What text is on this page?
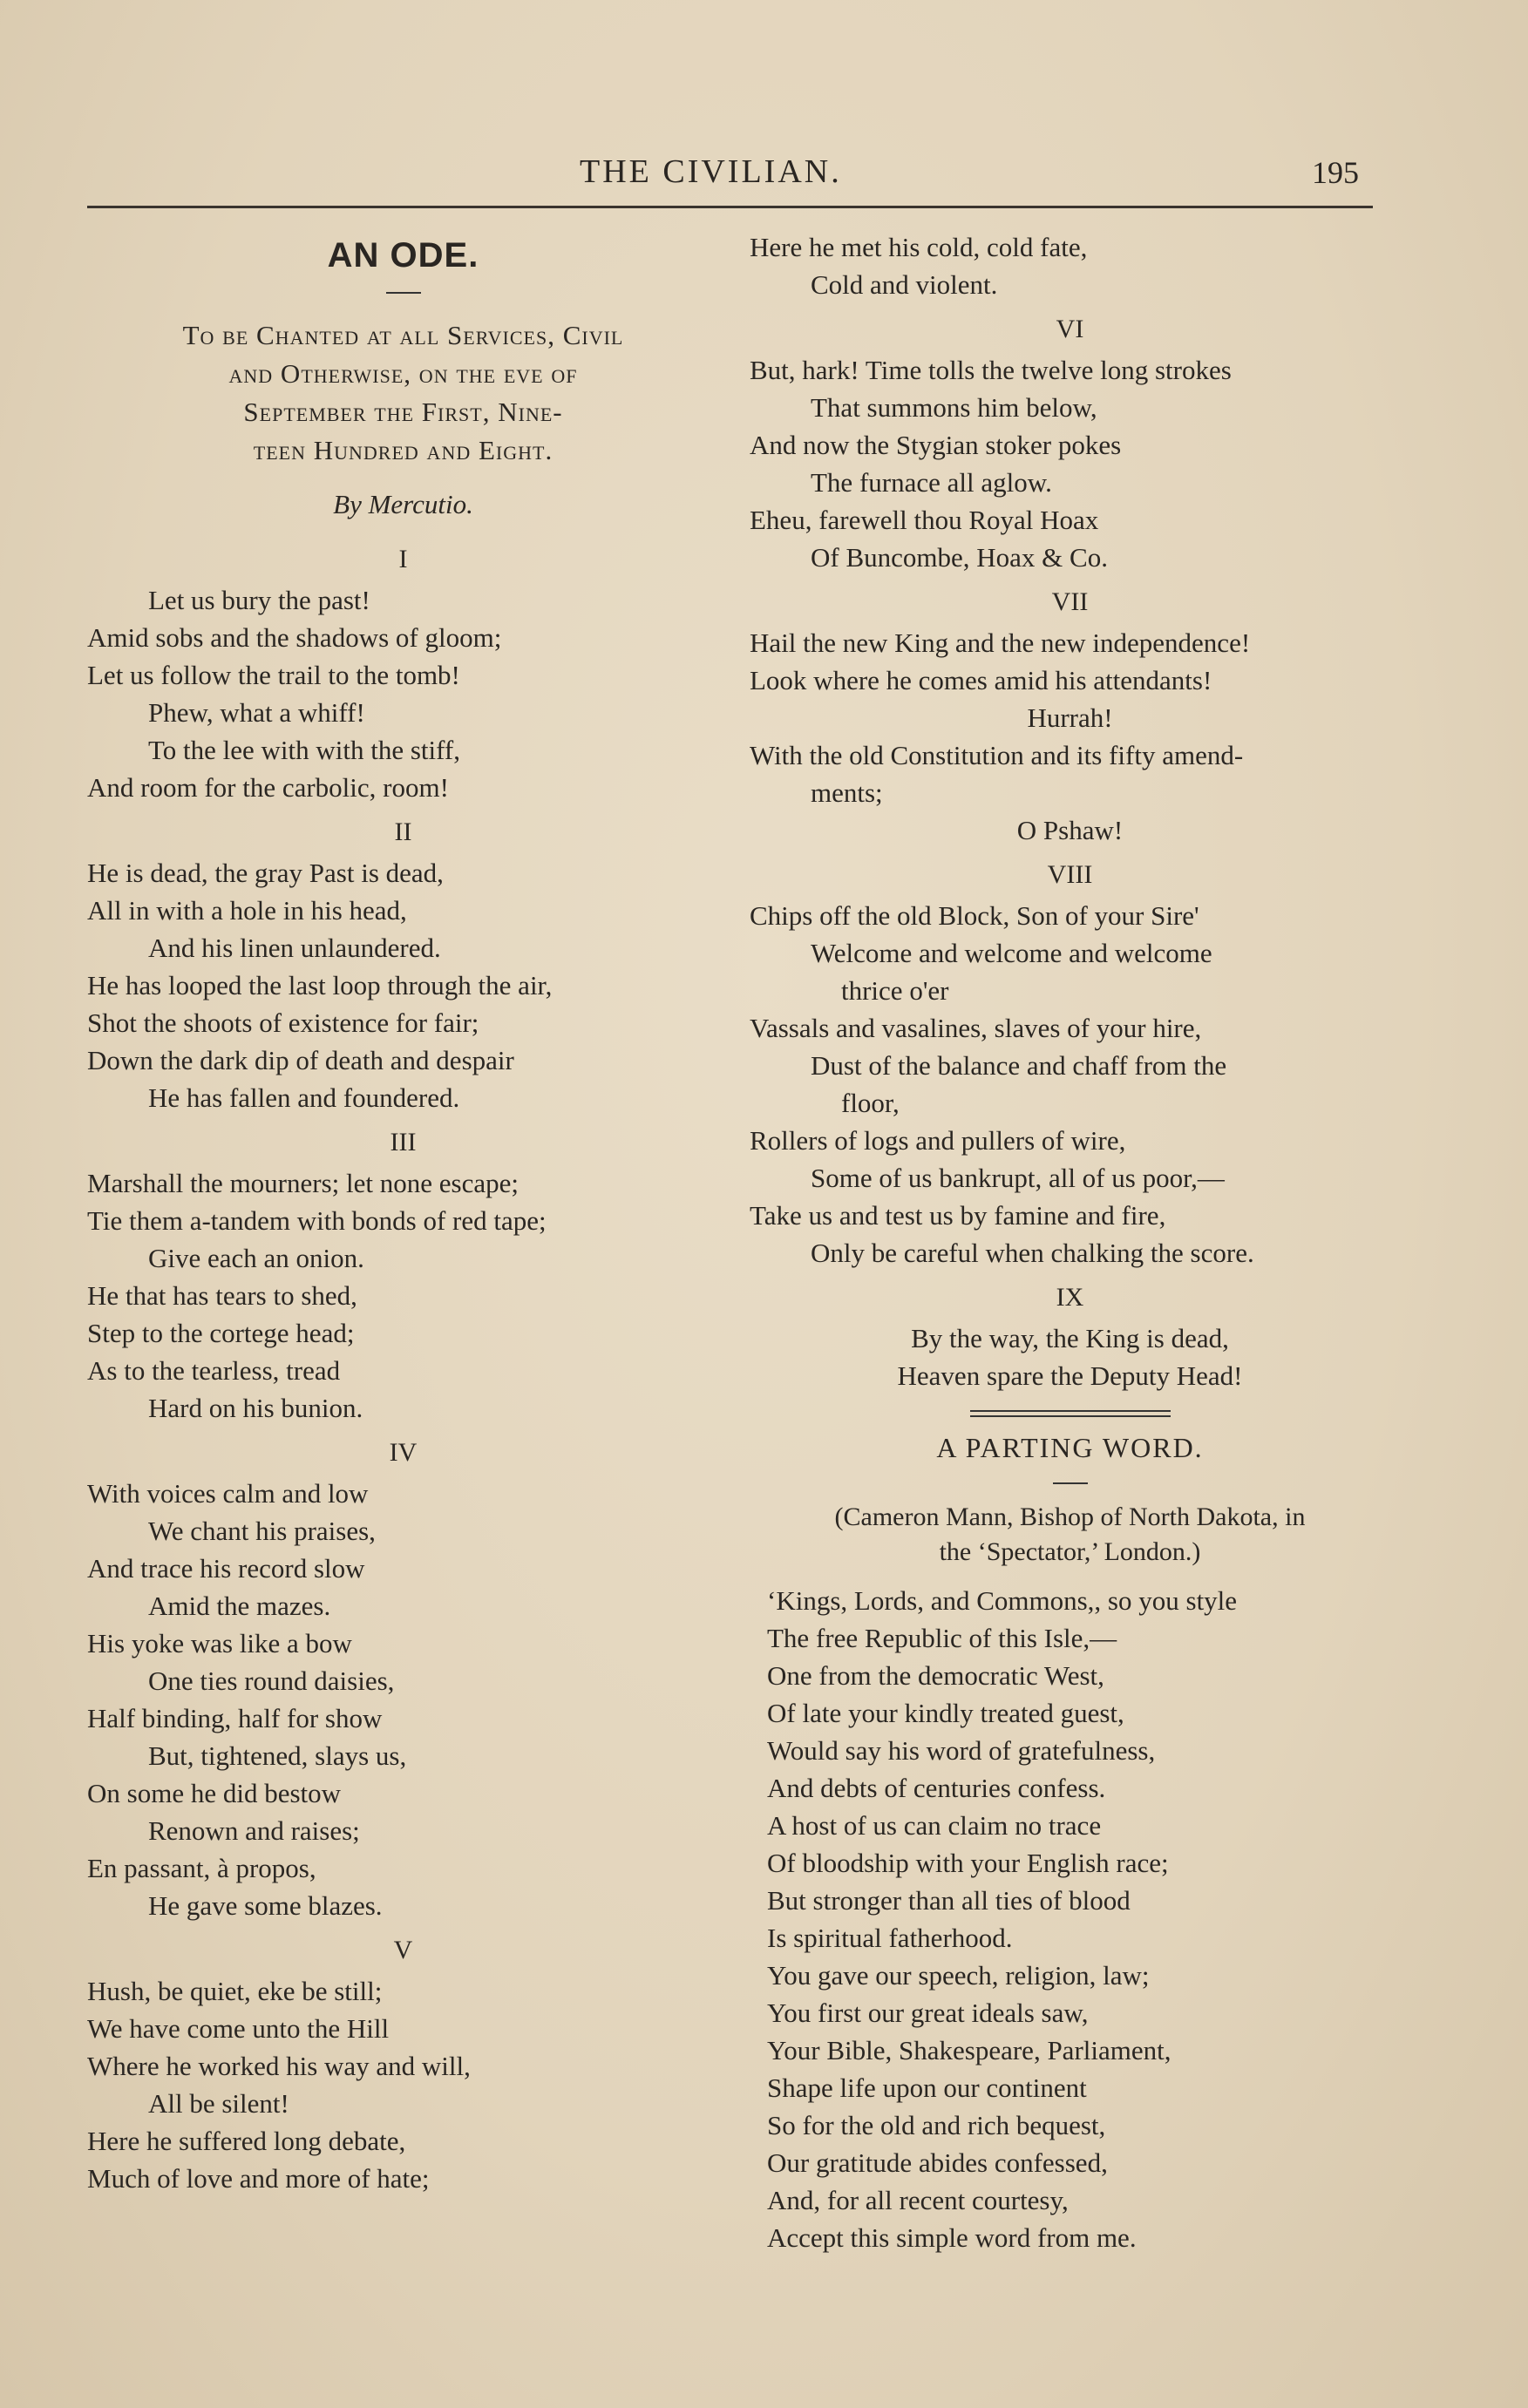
THE CIVILIAN.	195
AN ODE.
To be Chanted at all Services, Civil
and Otherwise, on the eve of
September the First, Nine-
teen Hundred and Eight.
By Mercutio.
I
Let us bury the past!
Amid sobs and the shadows of gloom;
Let us follow the trail to the tomb!
Phew, what a whiff!
To the lee with with the stiff,
And room for the carbolic, room!
II
He is dead, the gray Past is dead,
All in with a hole in his head,
And his linen unlaundered.
He has looped the last loop through the air,
Shot the shoots of existence for fair;
Down the dark dip of death and despair
He has fallen and foundered.
III
Marshall the mourners; let none escape;
Tie them a-tandem with bonds of red tape;
Give each an onion.
He that has tears to shed,
Step to the cortege head;
As to the tearless, tread
Hard on his bunion.
IV
With voices calm and low
We chant his praises,
And trace his record slow
Amid the mazes.
His yoke was like a bow
One ties round daisies,
Half binding, half for show
But, tightened, slays us,
On some he did bestow
Renown and raises;
En passant, à propos,
He gave some blazes.
V
Hush, be quiet, eke be still;
We have come unto the Hill
Where he worked his way and will,
All be silent!
Here he suffered long debate,
Much of love and more of hate;
Here he met his cold, cold fate,
Cold and violent.
VI
But, hark! Time tolls the twelve long strokes
That summons him below,
And now the Stygian stoker pokes
The furnace all aglow.
Eheu, farewell thou Royal Hoax
Of Buncombe, Hoax & Co.
VII
Hail the new King and the new independence!
Look where he comes amid his attendants!
Hurrah!
With the old Constitution and its fifty amend-
ments;
O Pshaw!
VIII
Chips off the old Block, Son of your Sire'
Welcome and welcome and welcome
thrice o'er
Vassals and vasalines, slaves of your hire,
Dust of the balance and chaff from the
floor,
Rollers of logs and pullers of wire,
Some of us bankrupt, all of us poor,—
Take us and test us by famine and fire,
Only be careful when chalking the score.
IX
By the way, the King is dead,
Heaven spare the Deputy Head!
A PARTING WORD.
(Cameron Mann, Bishop of North Dakota, in
the ‘Spectator,’ London.)
‘Kings, Lords, and Commons,, so you style
The free Republic of this Isle,—
One from the democratic West,
Of late your kindly treated guest,
Would say his word of gratefulness,
And debts of centuries confess.
A host of us can claim no trace
Of bloodship with your English race;
But stronger than all ties of blood
Is spiritual fatherhood.
You gave our speech, religion, law;
You first our great ideals saw,
Your Bible, Shakespeare, Parliament,
Shape life upon our continent
So for the old and rich bequest,
Our gratitude abides confessed,
And, for all recent courtesy,
Accept this simple word from me.
